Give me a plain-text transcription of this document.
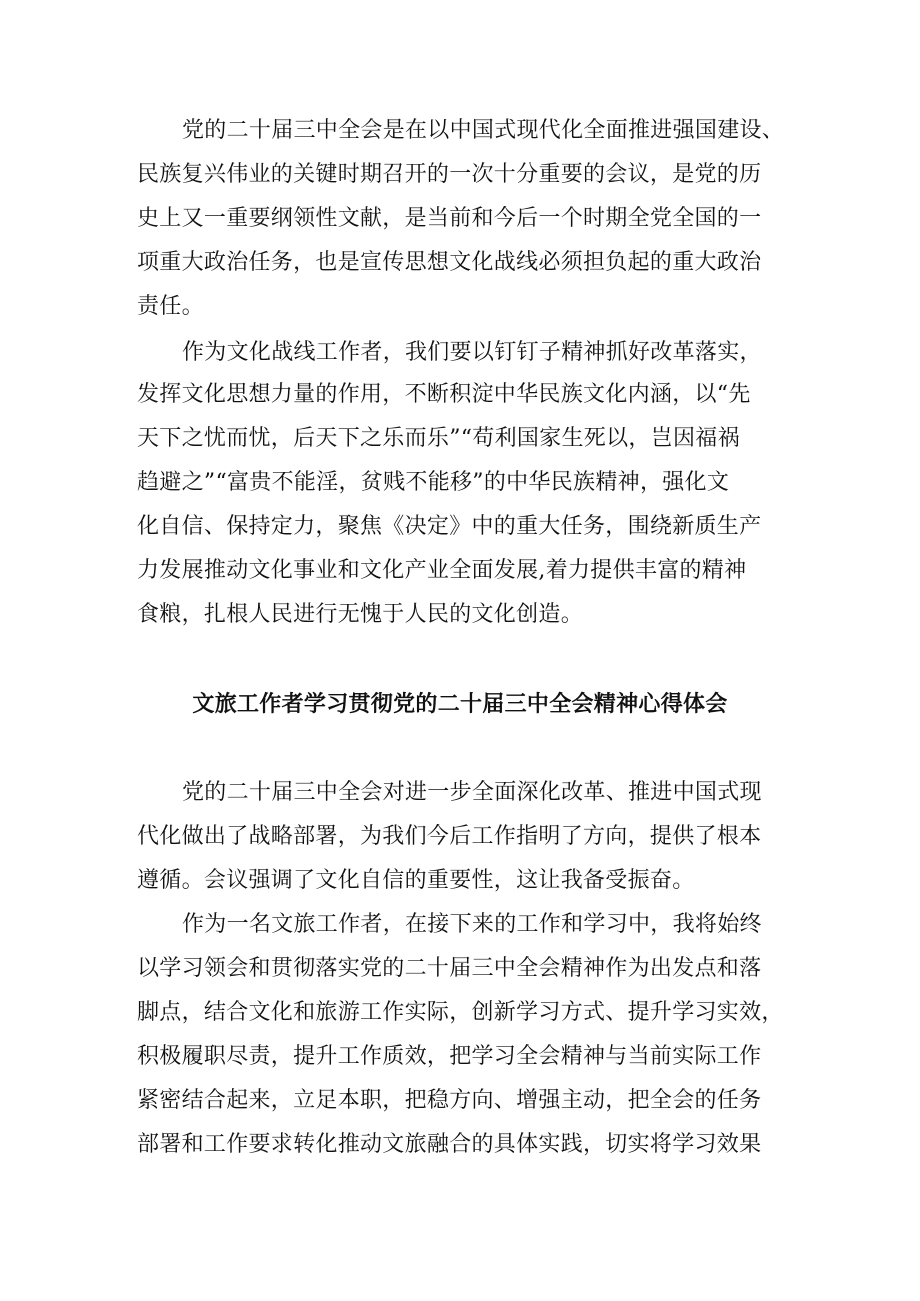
党的二十届三中全会是在以中国式现代化全面推进强国建设、
民族复兴伟业的关键时期召开的一次十分重要的会议，是党的历
史上又一重要纲领性文献，是当前和今后一个时期全党全国的一
项重大政治任务，也是宣传思想文化战线必须担负起的重大政治
责任。
作为文化战线工作者，我们要以钉钉子精神抓好改革落实，
发挥文化思想力量的作用，不断积淀中华民族文化内涵，以“先
天下之忧而忧，后天下之乐而乐”“苟利国家生死以，岂因福祸
趋避之”“富贵不能淫，贫贱不能移”的中华民族精神，强化文
化自信、保持定力，聚焦《决定》中的重大任务，围绕新质生产
力发展推动文化事业和文化产业全面发展,着力提供丰富的精神
食粮，扎根人民进行无愧于人民的文化创造。
文旅工作者学习贯彻党的二十届三中全会精神心得体会
党的二十届三中全会对进一步全面深化改革、推进中国式现
代化做出了战略部署，为我们今后工作指明了方向，提供了根本
遵循。会议强调了文化自信的重要性，这让我备受振奋。
作为一名文旅工作者，在接下来的工作和学习中，我将始终
以学习领会和贯彻落实党的二十届三中全会精神作为出发点和落
脚点，结合文化和旅游工作实际，创新学习方式、提升学习实效，
积极履职尽责，提升工作质效，把学习全会精神与当前实际工作
紧密结合起来，立足本职，把稳方向、增强主动，把全会的任务
部署和工作要求转化推动文旅融合的具体实践，切实将学习效果
